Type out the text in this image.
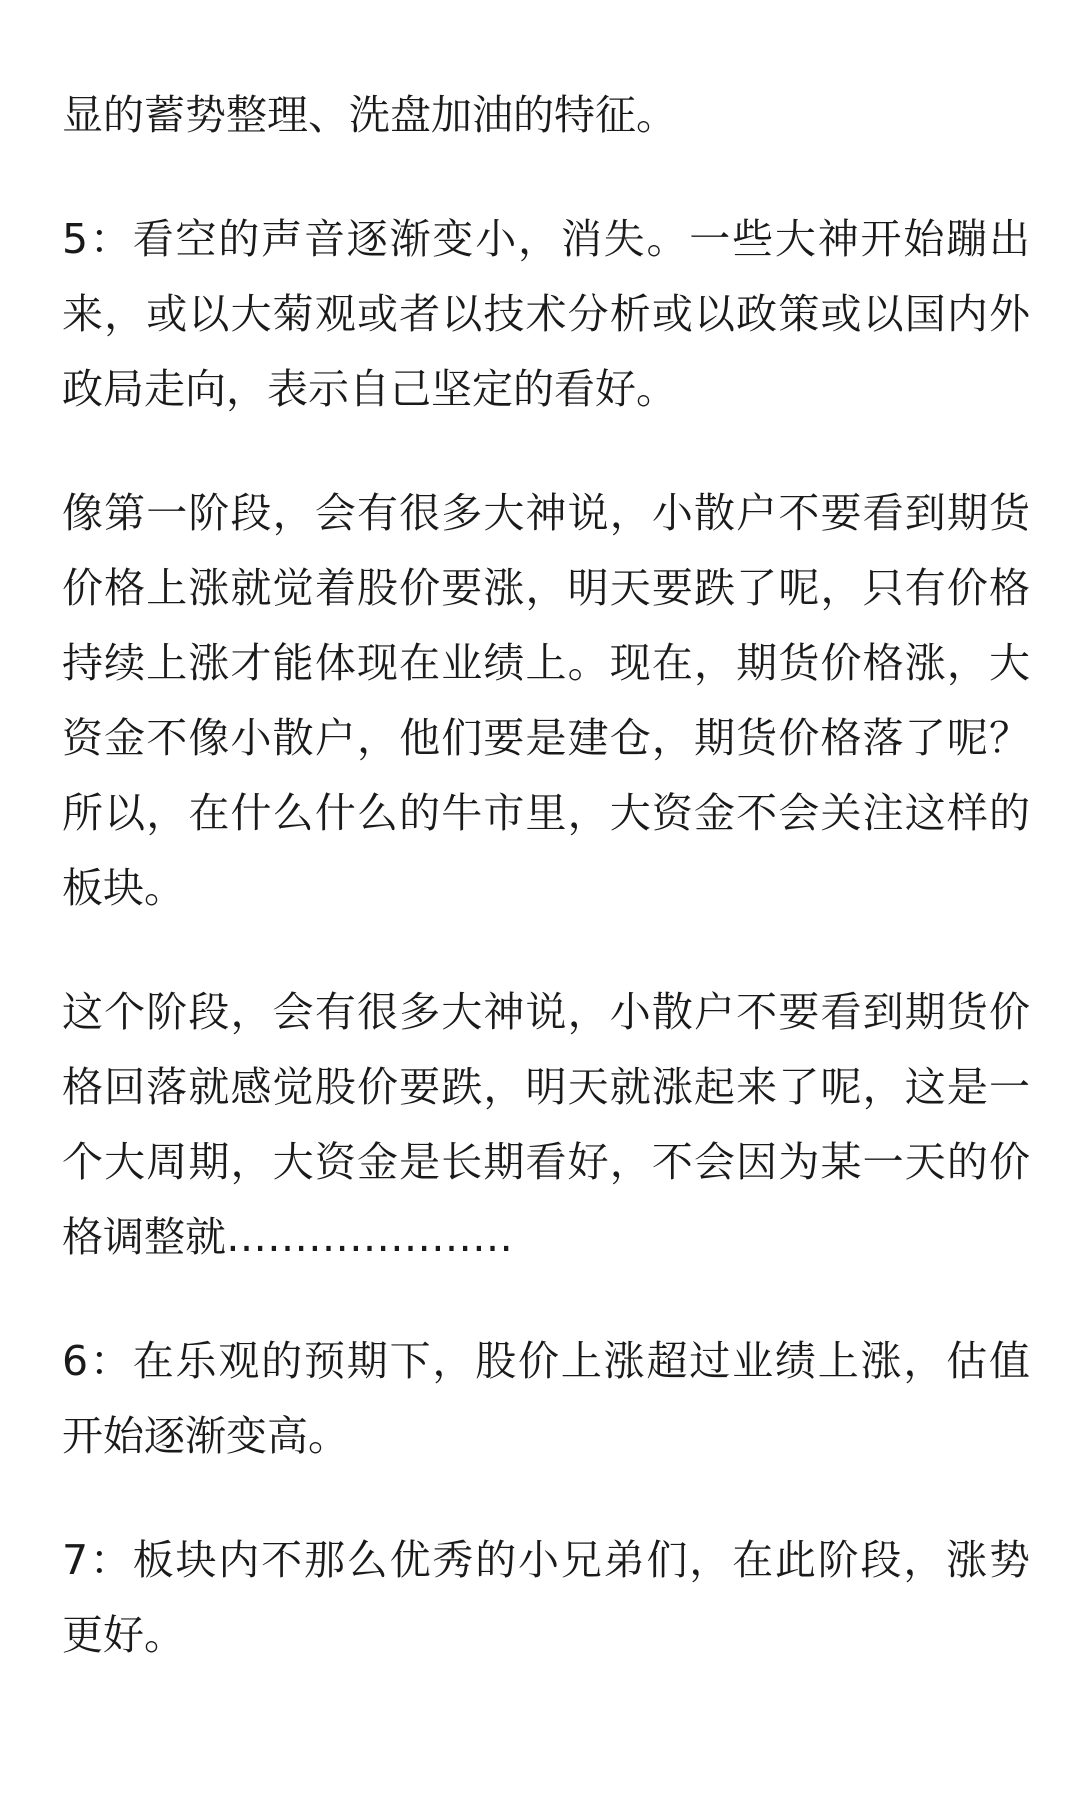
显的蓄势整理、洗盘加油的特征。

5：看空的声音逐渐变小，消失。一些大神开始蹦出来，或以大菊观或者以技术分析或以政策或以国内外政局走向，表示自己坚定的看好。

像第一阶段，会有很多大神说，小散户不要看到期货价格上涨就觉着股价要涨，明天要跌了呢，只有价格持续上涨才能体现在业绩上。现在，期货价格涨，大资金不像小散户，他们要是建仓，期货价格落了呢？所以，在什么什么的牛市里，大资金不会关注这样的板块。

这个阶段，会有很多大神说，小散户不要看到期货价格回落就感觉股价要跌，明天就涨起来了呢，这是一个大周期，大资金是长期看好，不会因为某一天的价格调整就…………………

6：在乐观的预期下，股价上涨超过业绩上涨，估值开始逐渐变高。

7：板块内不那么优秀的小兄弟们，在此阶段，涨势更好。
